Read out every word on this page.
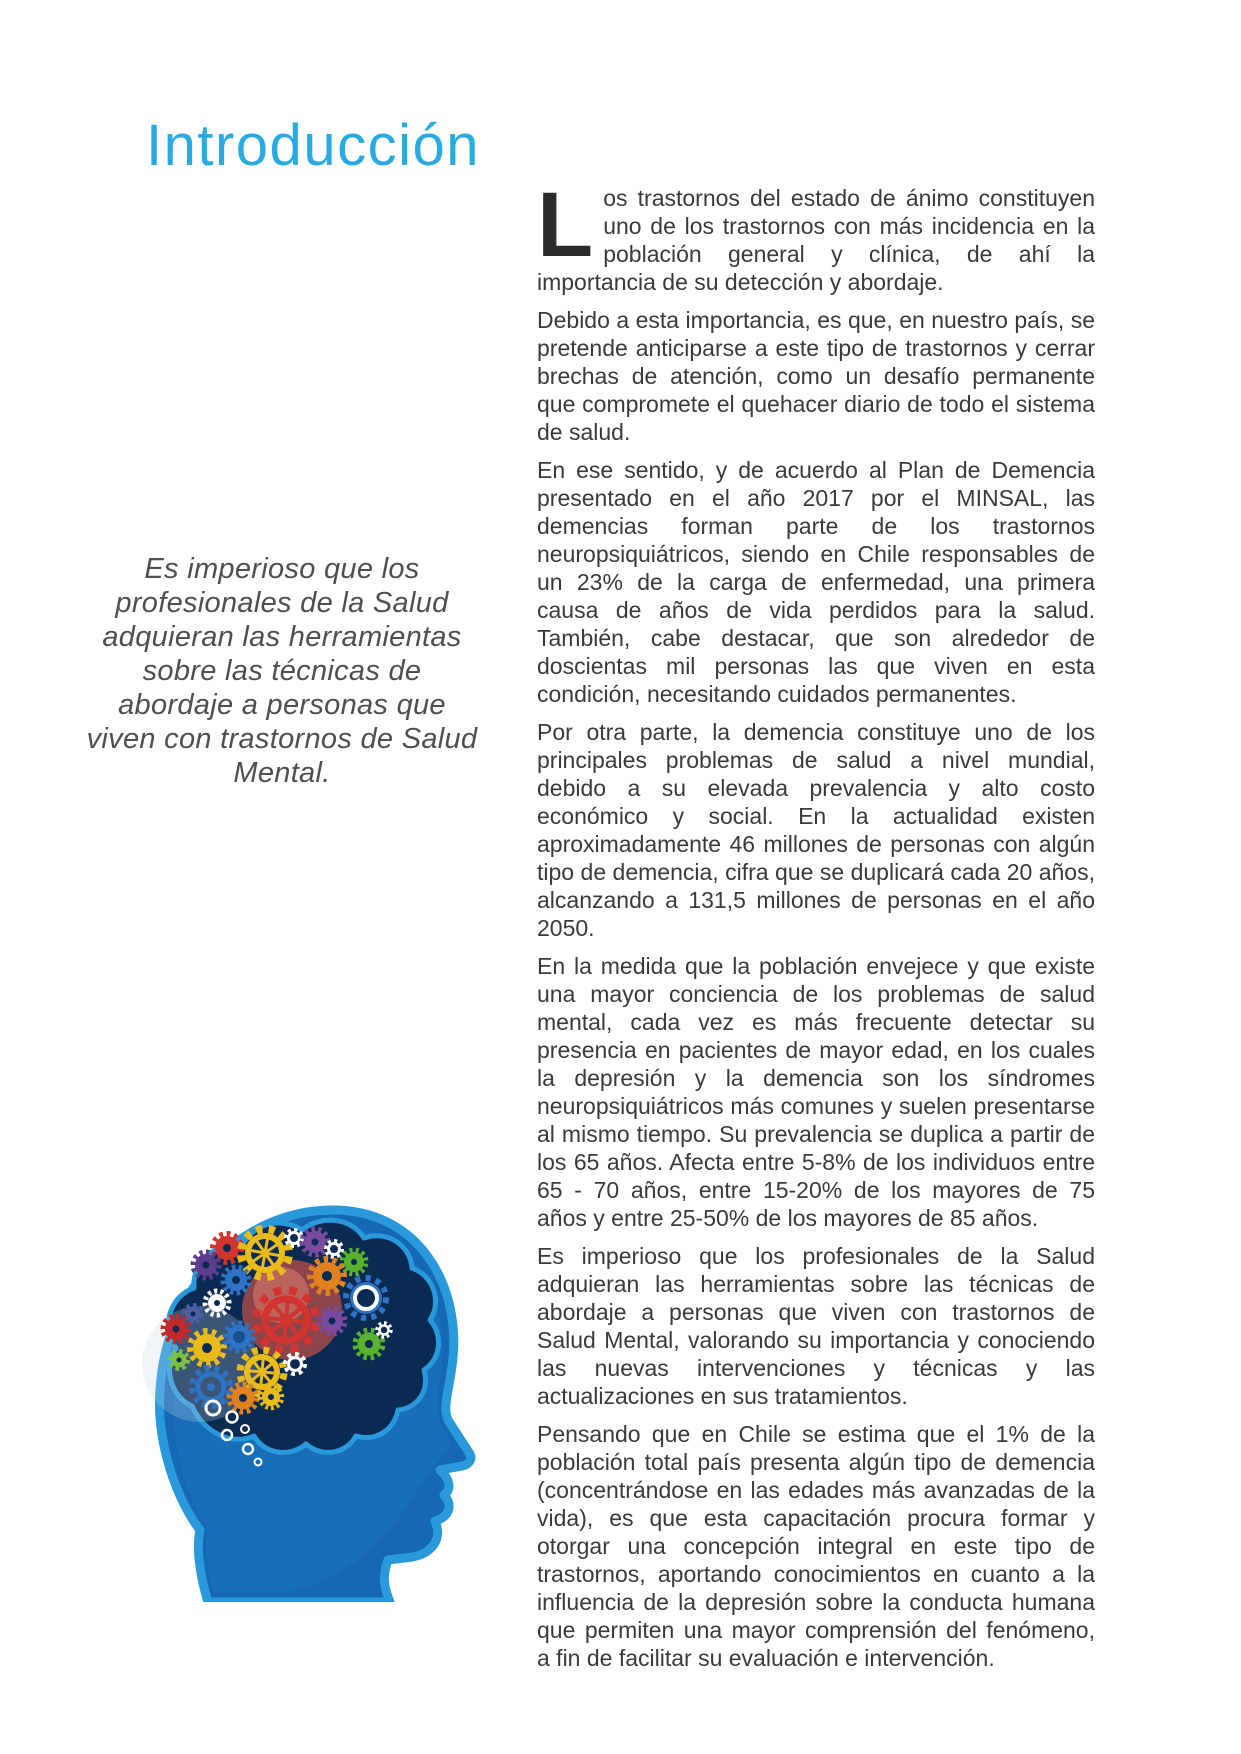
Introducción
Es imperioso que los profesionales de la Salud adquieran las herramientas sobre las técnicas de abordaje a personas que viven con trastornos de Salud Mental.

Los trastornos del estado de ánimo constituyen uno de los trastornos con más incidencia en la población general y clínica, de ahí la importancia de su detección y abordaje.

Debido a esta importancia, es que, en nuestro país, se pretende anticiparse a este tipo de trastornos y cerrar brechas de atención, como un desafío permanente que compromete el quehacer diario de todo el sistema de salud.

En ese sentido, y de acuerdo al Plan de Demencia presentado en el año 2017 por el MINSAL, las demencias forman parte de los trastornos neuropsiquiátricos, siendo en Chile responsables de un 23% de la carga de enfermedad, una primera causa de años de vida perdidos para la salud. También, cabe destacar, que son alrededor de doscientas mil personas las que viven en esta condición, necesitando cuidados permanentes.

Por otra parte, la demencia constituye uno de los principales problemas de salud a nivel mundial, debido a su elevada prevalencia y alto costo económico y social. En la actualidad existen aproximadamente 46 millones de personas con algún tipo de demencia, cifra que se duplicará cada 20 años, alcanzando a 131,5 millones de personas en el año 2050.

En la medida que la población envejece y que existe una mayor conciencia de los problemas de salud mental, cada vez es más frecuente detectar su presencia en pacientes de mayor edad, en los cuales la depresión y la demencia son los síndromes neuropsiquiátricos más comunes y suelen presentarse al mismo tiempo. Su prevalencia se duplica a partir de los 65 años. Afecta entre 5-8% de los individuos entre 65 - 70 años, entre 15-20% de los mayores de 75 años y entre 25-50% de los mayores de 85 años.

Es imperioso que los profesionales de la Salud adquieran las herramientas sobre las técnicas de abordaje a personas que viven con trastornos de Salud Mental, valorando su importancia y conociendo las nuevas intervenciones y técnicas y las actualizaciones en sus tratamientos.

Pensando que en Chile se estima que el 1% de la población total país presenta algún tipo de demencia (concentrándose en las edades más avanzadas de la vida), es que esta capacitación procura formar y otorgar una concepción integral en este tipo de trastornos, aportando conocimientos en cuanto a la influencia de la depresión sobre la conducta humana que permiten una mayor comprensión del fenómeno, a fin de facilitar su evaluación e intervención.
